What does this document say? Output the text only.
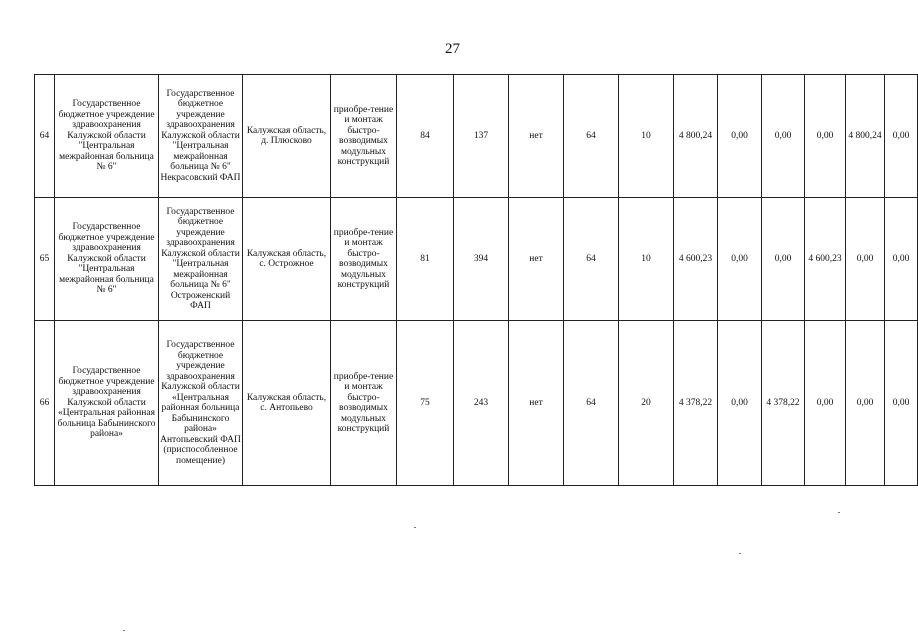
27
64	Государственное бюджетное учреждение здравоохранения Калужской области "Центральная межрайонная больница № 6"	Государственное бюджетное учреждение здравоохранения Калужской области "Центральная межрайонная больница № 6" Некрасовский ФАП	Калужская область, д. Плюсково	приобре-тение и монтаж быстро-возводимых модульных конструкций	84	137	нет	64	10	4 800,24	0,00	0,00	0,00	4 800,24	0,00
65	Государственное бюджетное учреждение здравоохранения Калужской области "Центральная межрайонная больница № 6"	Государственное бюджетное учреждение здравоохранения Калужской области "Центральная межрайонная больница № 6" Остроженский ФАП	Калужская область, с. Острожное	приобре-тение и монтаж быстро-возводимых модульных конструкций	81	394	нет	64	10	4 600,23	0,00	0,00	4 600,23	0,00	0,00
66	Государственное бюджетное учреждение здравоохранения Калужской области «Центральная районная больница Бабынинского района»	Государственное бюджетное учреждение здравоохранения Калужской области «Центральная районная больница Бабынинского района» Антопьевский ФАП (приспособленное помещение)	Калужская область, с. Антопьево	приобре-тение и монтаж быстро-возводимых модульных конструкций	75	243	нет	64	20	4 378,22	0,00	4 378,22	0,00	0,00	0,00
